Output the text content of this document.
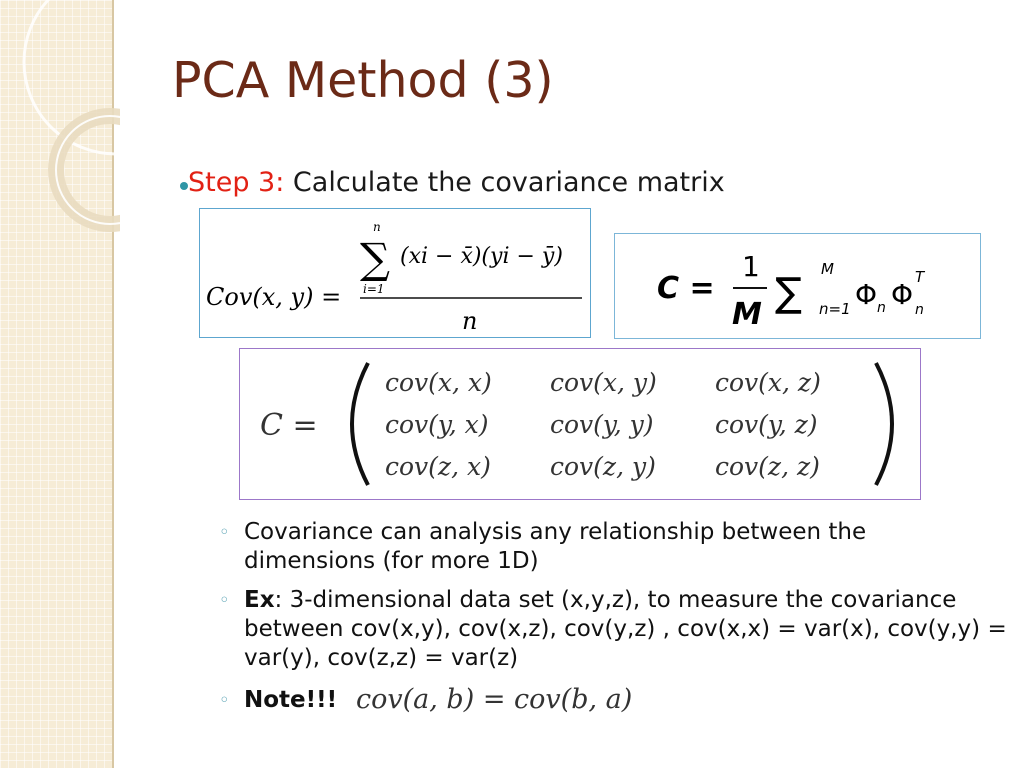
PCA Method (3)
Step 3: Calculate the covariance matrix
Cov(x, y) =
n
∑
i=1
(xi − x̄)(yi − ȳ)
n
C =
1
M ∑
M
n=1 Φ n Φ
T
n
C =
cov(x, x) cov(x, y) cov(x, z)
cov(y, x) cov(y, y) cov(y, z)
cov(z, x) cov(z, y) cov(z, z)
◦ Covariance can analysis any relationship between the dimensions (for more 1D)
◦ Ex: 3-dimensional data set (x,y,z), to measure the covariance between cov(x,y), cov(x,z), cov(y,z) , cov(x,x) = var(x), cov(y,y) = var(y), cov(z,z) = var(z)
◦ Note!!! cov(a, b) = cov(b, a)
